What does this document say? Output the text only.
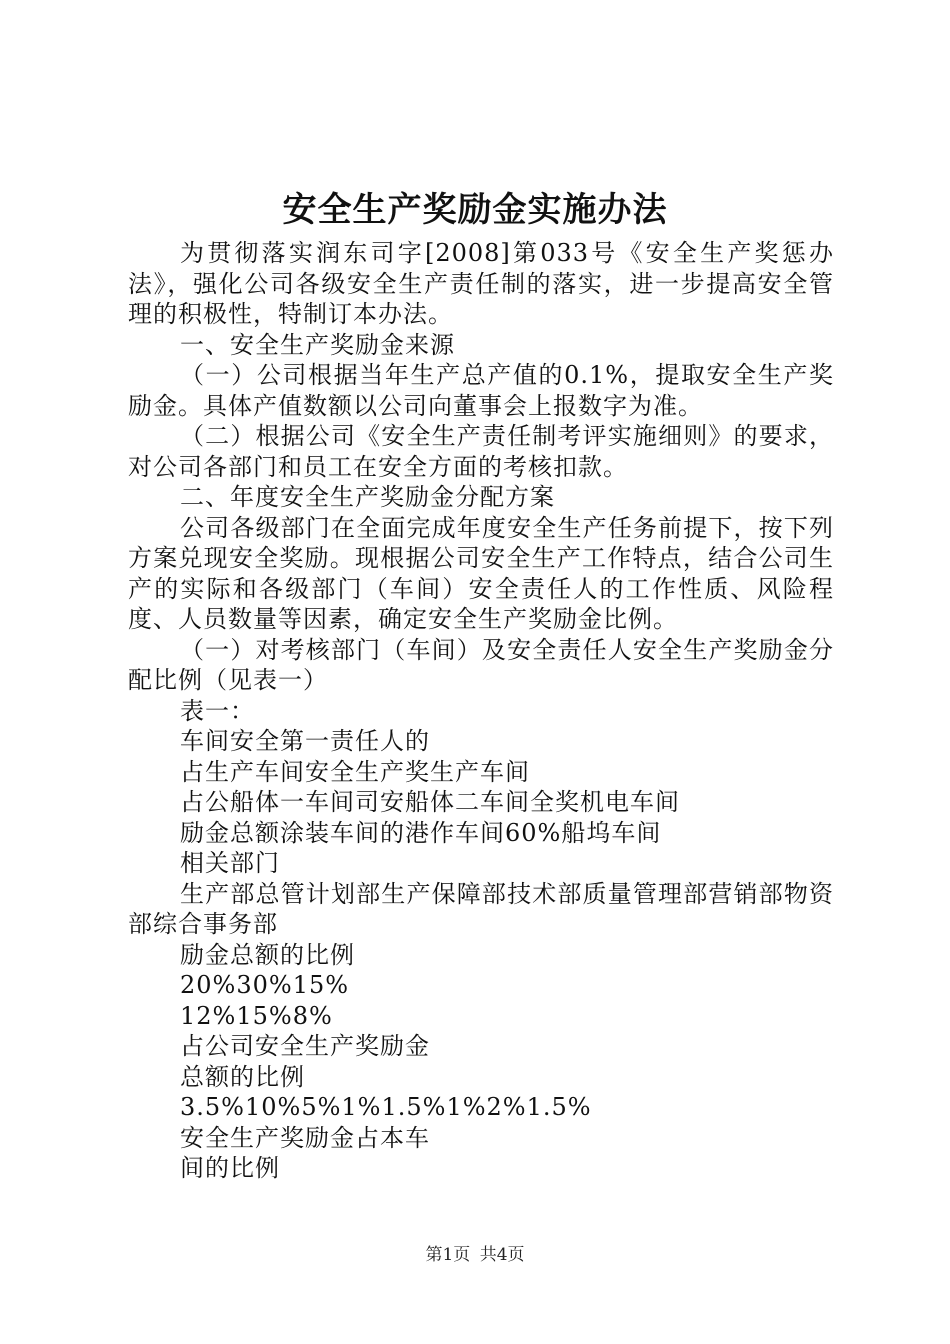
安全生产奖励金实施办法

为贯彻落实润东司字[2008]第033号《安全生产奖惩办法》，强化公司各级安全生产责任制的落实，进一步提高安全管理的积极性，特制订本办法。

一、安全生产奖励金来源

（一）公司根据当年生产总产值的0.1%，提取安全生产奖励金。具体产值数额以公司向董事会上报数字为准。

（二）根据公司《安全生产责任制考评实施细则》的要求，对公司各部门和员工在安全方面的考核扣款。

二、年度安全生产奖励金分配方案

公司各级部门在全面完成年度安全生产任务前提下，按下列方案兑现安全奖励。现根据公司安全生产工作特点，结合公司生产的实际和各级部门（车间）安全责任人的工作性质、风险程度、人员数量等因素，确定安全生产奖励金比例。

（一）对考核部门（车间）及安全责任人安全生产奖励金分配比例（见表一）

表一：

车间安全第一责任人的

占生产车间安全生产奖生产车间

占公船体一车间司安船体二车间全奖机电车间

励金总额涂装车间的港作车间60%船坞车间

相关部门

生产部总管计划部生产保障部技术部质量管理部营销部物资部综合事务部

励金总额的比例

20%30%15%

12%15%8%

占公司安全生产奖励金

总额的比例

3.5%10%5%1%1.5%1%2%1.5%

安全生产奖励金占本车

间的比例

第1页 共4页
